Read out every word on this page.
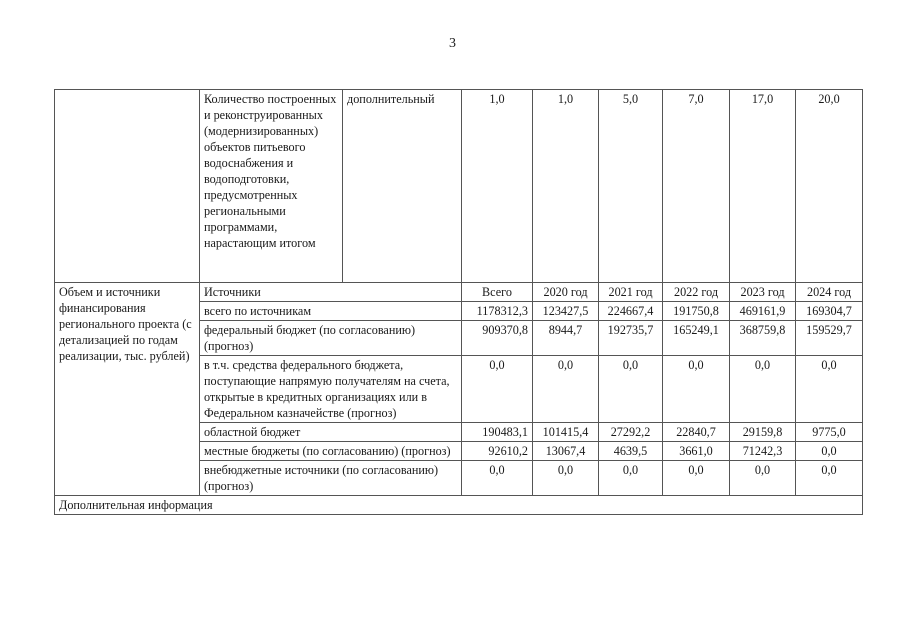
3
	Количество построенных и реконструированных (модернизированных) объектов питьевого водоснабжения и водоподготовки, предусмотренных региональными программами, нарастающим итогом	дополнительный	1,0	1,0	5,0	7,0	17,0	20,0
Объем и источники финансирования регионального проекта (с детализацией по годам реализации, тыс. рублей)	Источники		Всего	2020 год	2021 год	2022 год	2023 год	2024 год
	всего по источникам		1178312,3	123427,5	224667,4	191750,8	469161,9	169304,7
	федеральный бюджет (по согласованию) (прогноз)		909370,8	8944,7	192735,7	165249,1	368759,8	159529,7
	в т.ч. средства федерального бюджета, поступающие напрямую получателям на счета, открытые в кредитных организациях или в Федеральном казначействе (прогноз)		0,0	0,0	0,0	0,0	0,0	0,0
	областной бюджет		190483,1	101415,4	27292,2	22840,7	29159,8	9775,0
	местные бюджеты (по согласованию) (прогноз)		92610,2	13067,4	4639,5	3661,0	71242,3	0,0
	внебюджетные источники (по согласованию) (прогноз)		0,0	0,0	0,0	0,0	0,0	0,0
Дополнительная информация								
